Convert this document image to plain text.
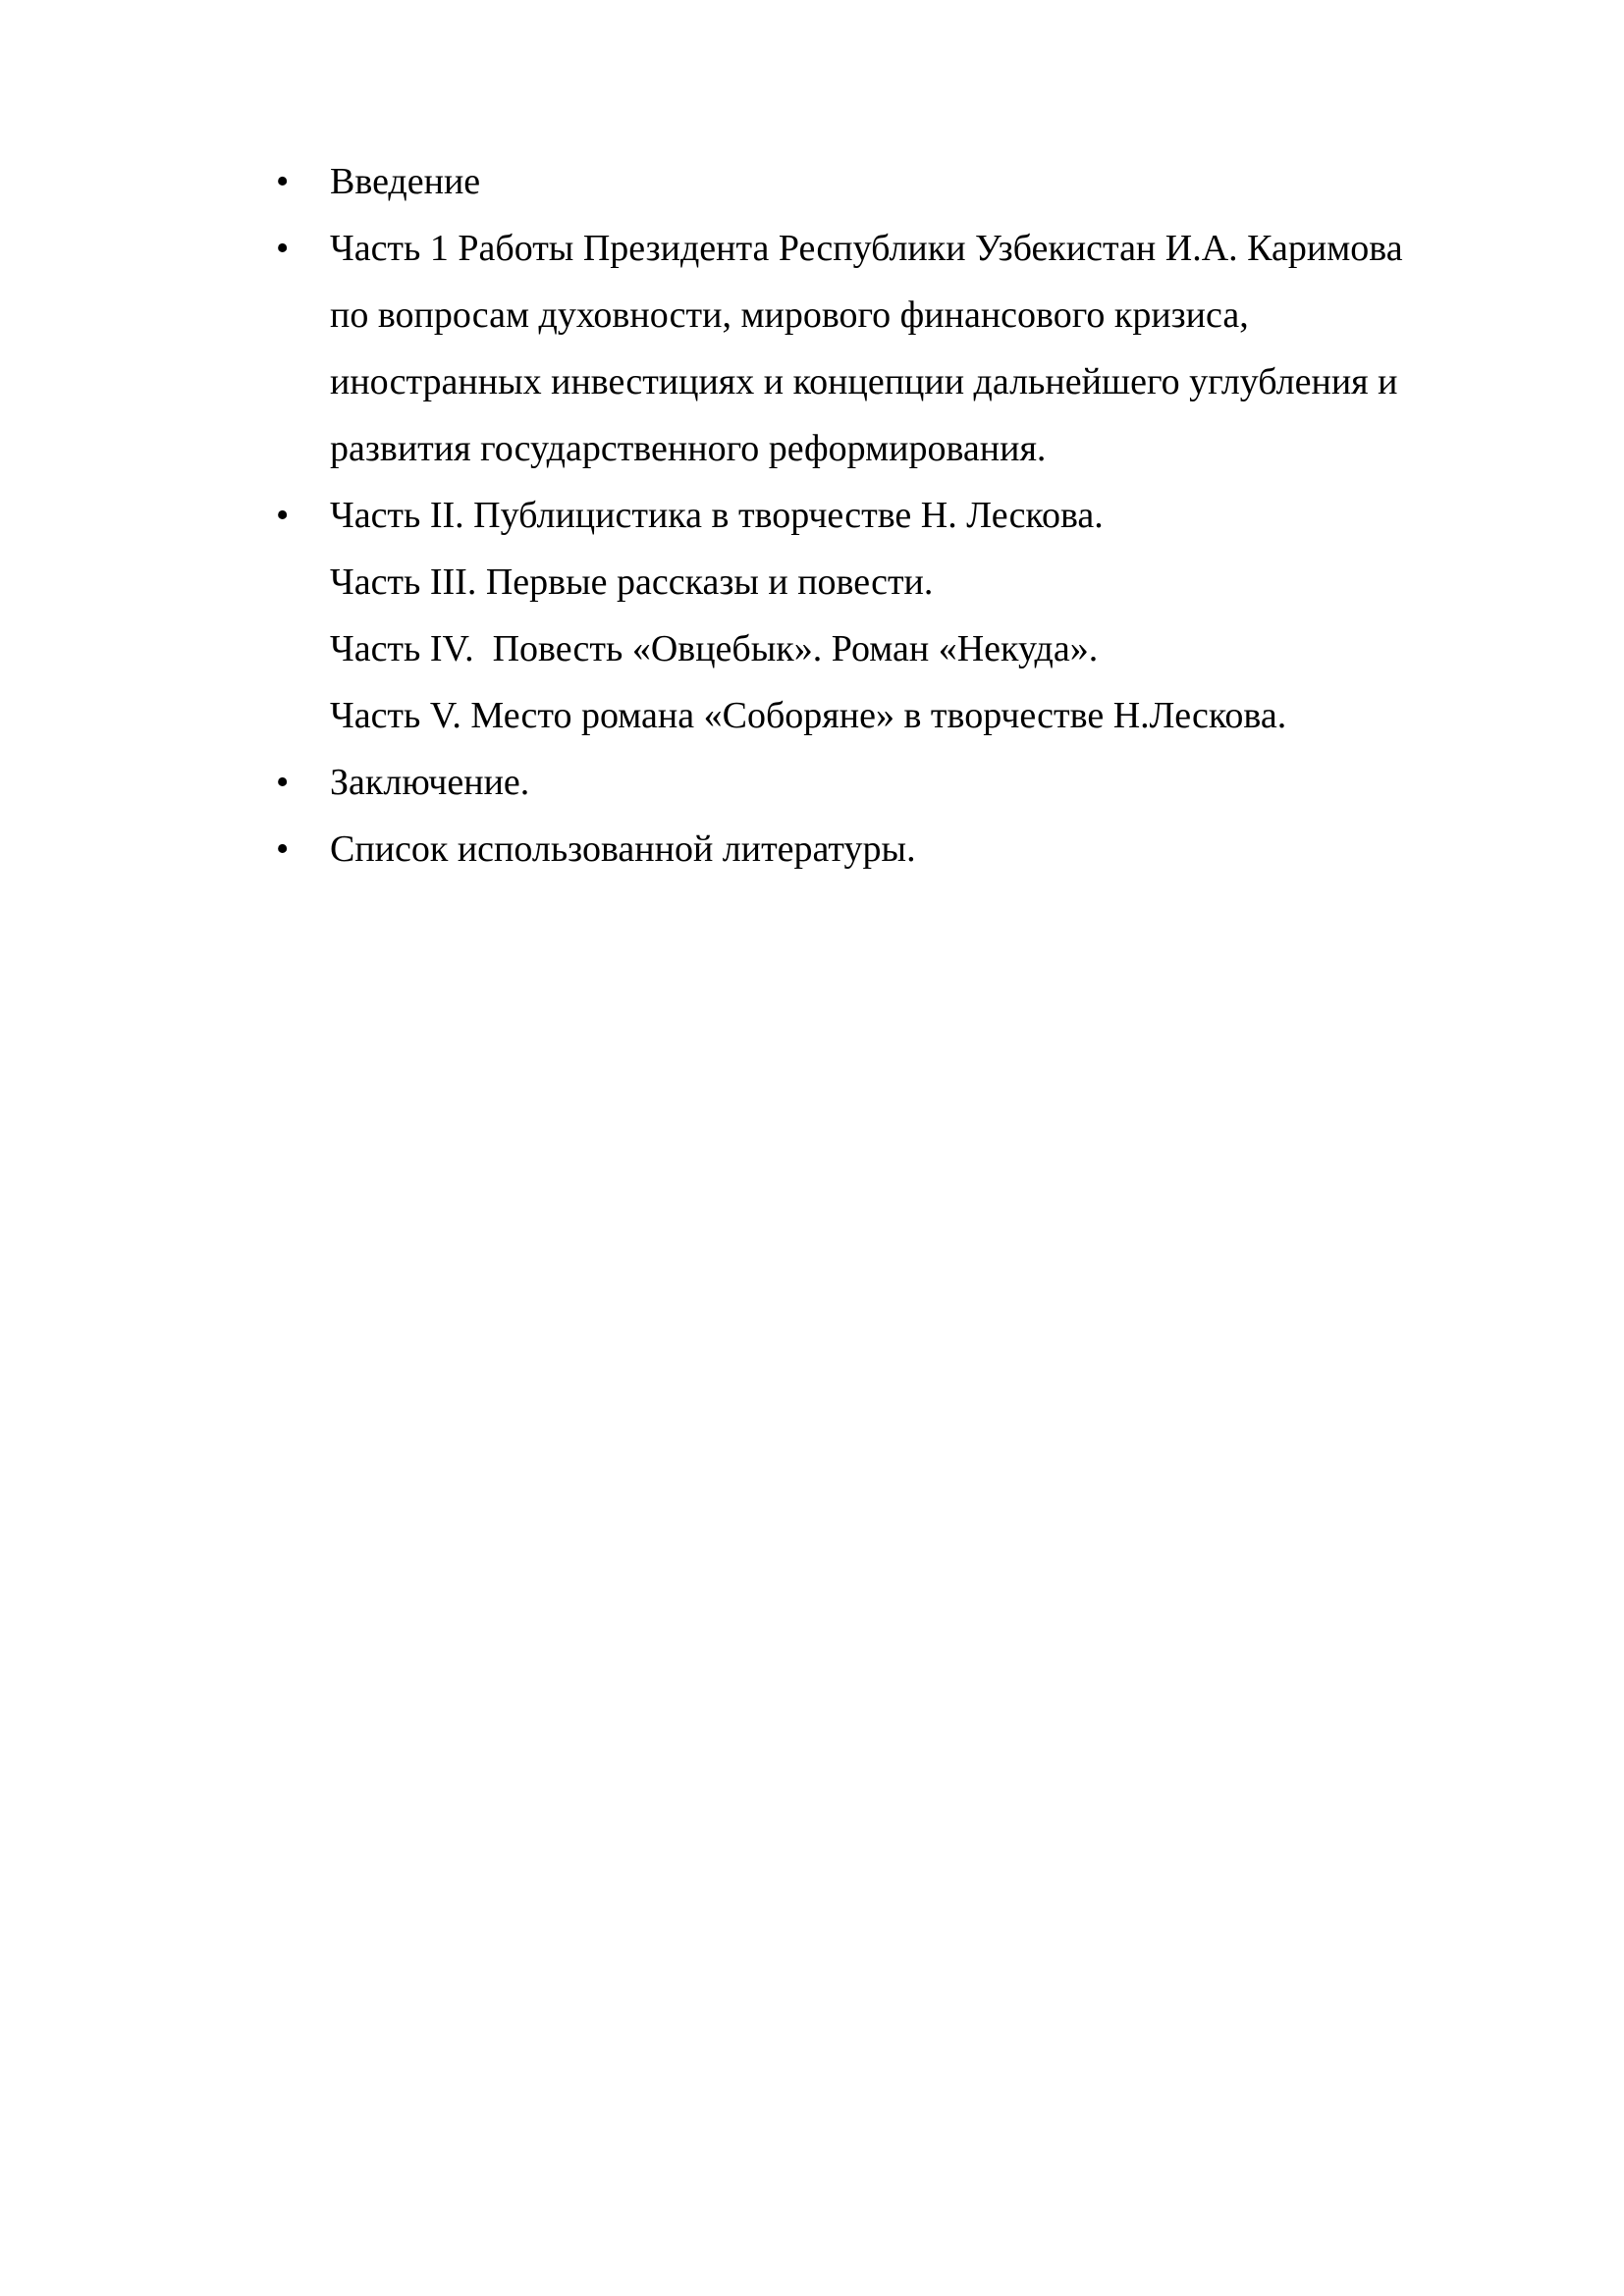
•	Введение
•	Часть 1 Работы Президента Республики Узбекистан И.А. Каримова
по вопросам духовности, мирового финансового кризиса,
иностранных инвестициях и концепции дальнейшего углубления и
развития государственного реформирования.
•	Часть II. Публицистика в творчестве Н. Лескова.
Часть III. Первые рассказы и повести.
Часть IV.  Повесть «Овцебык». Роман «Некуда».
Часть V. Место романа «Соборяне» в творчестве Н.Лескова.
•	Заключение.
•	Список использованной литературы.
